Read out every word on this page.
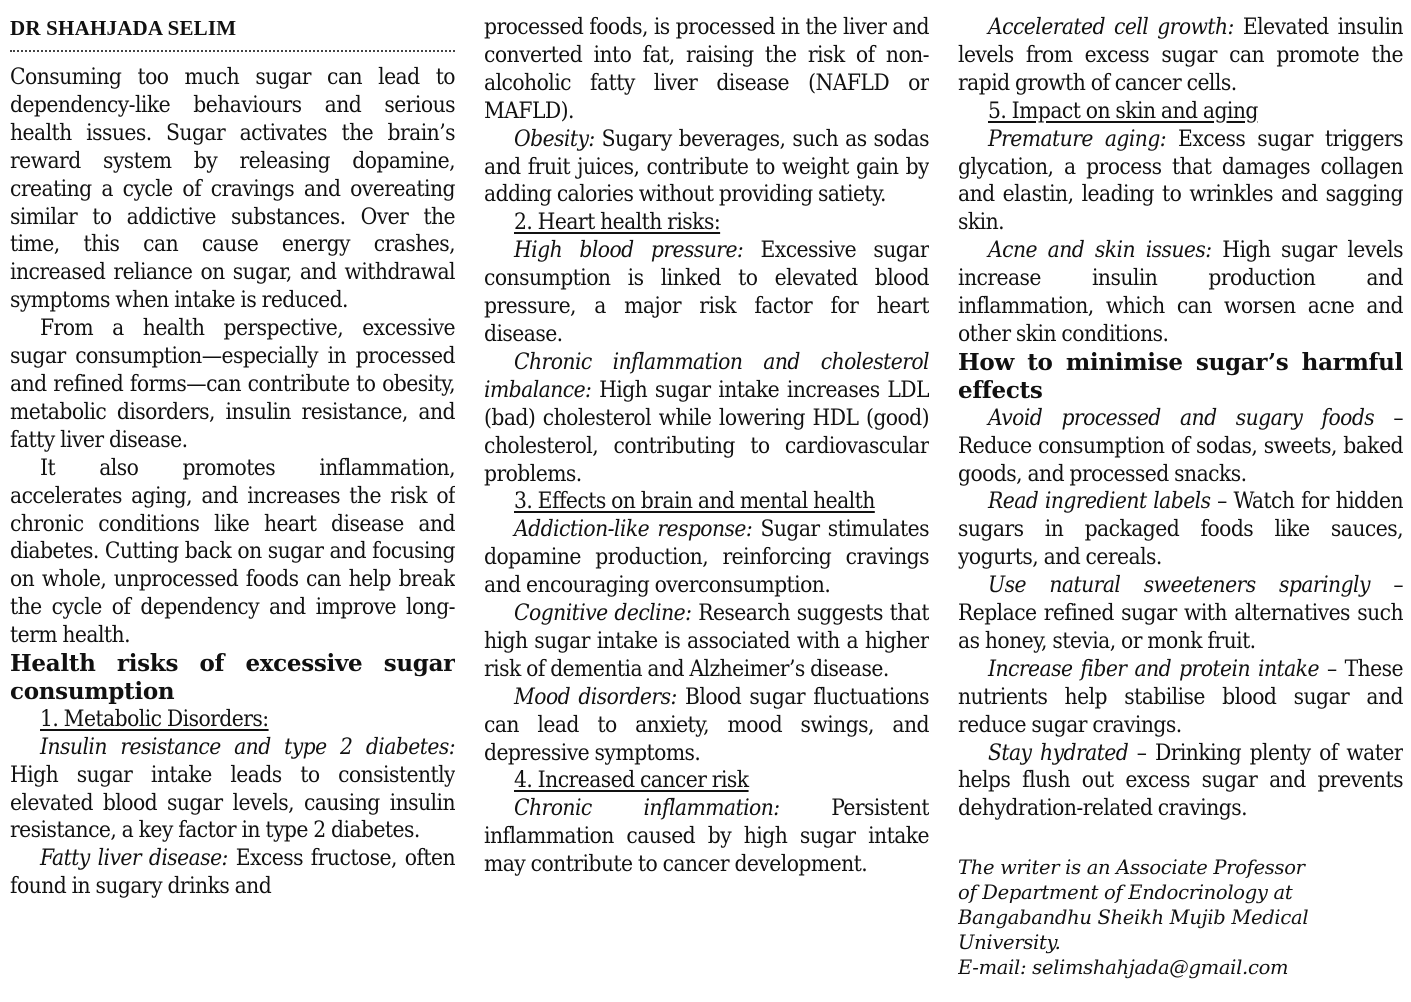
DR SHAHJADA SELIM

Consuming too much sugar can lead to dependency-like behaviours and serious health issues. Sugar activates the brain’s reward system by releasing dopamine, creating a cycle of cravings and overeating similar to addictive substances. Over the time, this can cause energy crashes, increased reliance on sugar, and withdrawal symptoms when intake is reduced.

From a health perspective, excessive sugar consumption—especially in processed and refined forms—can contribute to obesity, metabolic disorders, insulin resistance, and fatty liver disease.

It also promotes inflammation, accelerates aging, and increases the risk of chronic conditions like heart disease and diabetes. Cutting back on sugar and focusing on whole, unprocessed foods can help break the cycle of dependency and improve long-term health.

Health risks of excessive sugar consumption

1. Metabolic Disorders:

Insulin resistance and type 2 diabetes: High sugar intake leads to consistently elevated blood sugar levels, causing insulin resistance, a key factor in type 2 diabetes.

Fatty liver disease: Excess fructose, often found in sugary drinks and

processed foods, is processed in the liver and converted into fat, raising the risk of non-alcoholic fatty liver disease (NAFLD or MAFLD).

Obesity: Sugary beverages, such as sodas and fruit juices, contribute to weight gain by adding calories without providing satiety.

2. Heart health risks:

High blood pressure: Excessive sugar consumption is linked to elevated blood pressure, a major risk factor for heart disease.

Chronic inflammation and cholesterol imbalance: High sugar intake increases LDL (bad) cholesterol while lowering HDL (good) cholesterol, contributing to cardiovascular problems.

3. Effects on brain and mental health

Addiction-like response: Sugar stimulates dopamine production, reinforcing cravings and encouraging overconsumption.

Cognitive decline: Research suggests that high sugar intake is associated with a higher risk of dementia and Alzheimer’s disease.

Mood disorders: Blood sugar fluctuations can lead to anxiety, mood swings, and depressive symptoms.

4. Increased cancer risk

Chronic inflammation: Persistent inflammation caused by high sugar intake may contribute to cancer development.

Accelerated cell growth: Elevated insulin levels from excess sugar can promote the rapid growth of cancer cells.

5. Impact on skin and aging

Premature aging: Excess sugar triggers glycation, a process that damages collagen and elastin, leading to wrinkles and sagging skin.

Acne and skin issues: High sugar levels increase insulin production and inflammation, which can worsen acne and other skin conditions.

How to minimise sugar’s harmful effects

Avoid processed and sugary foods – Reduce consumption of sodas, sweets, baked goods, and processed snacks.

Read ingredient labels – Watch for hidden sugars in packaged foods like sauces, yogurts, and cereals.

Use natural sweeteners sparingly – Replace refined sugar with alternatives such as honey, stevia, or monk fruit.

Increase fiber and protein intake – These nutrients help stabilise blood sugar and reduce sugar cravings.

Stay hydrated – Drinking plenty of water helps flush out excess sugar and prevents dehydration-related cravings.

The writer is an Associate Professor
of Department of Endocrinology at
Bangabandhu Sheikh Mujib Medical
University.
E-mail: selimshahjada@gmail.com
